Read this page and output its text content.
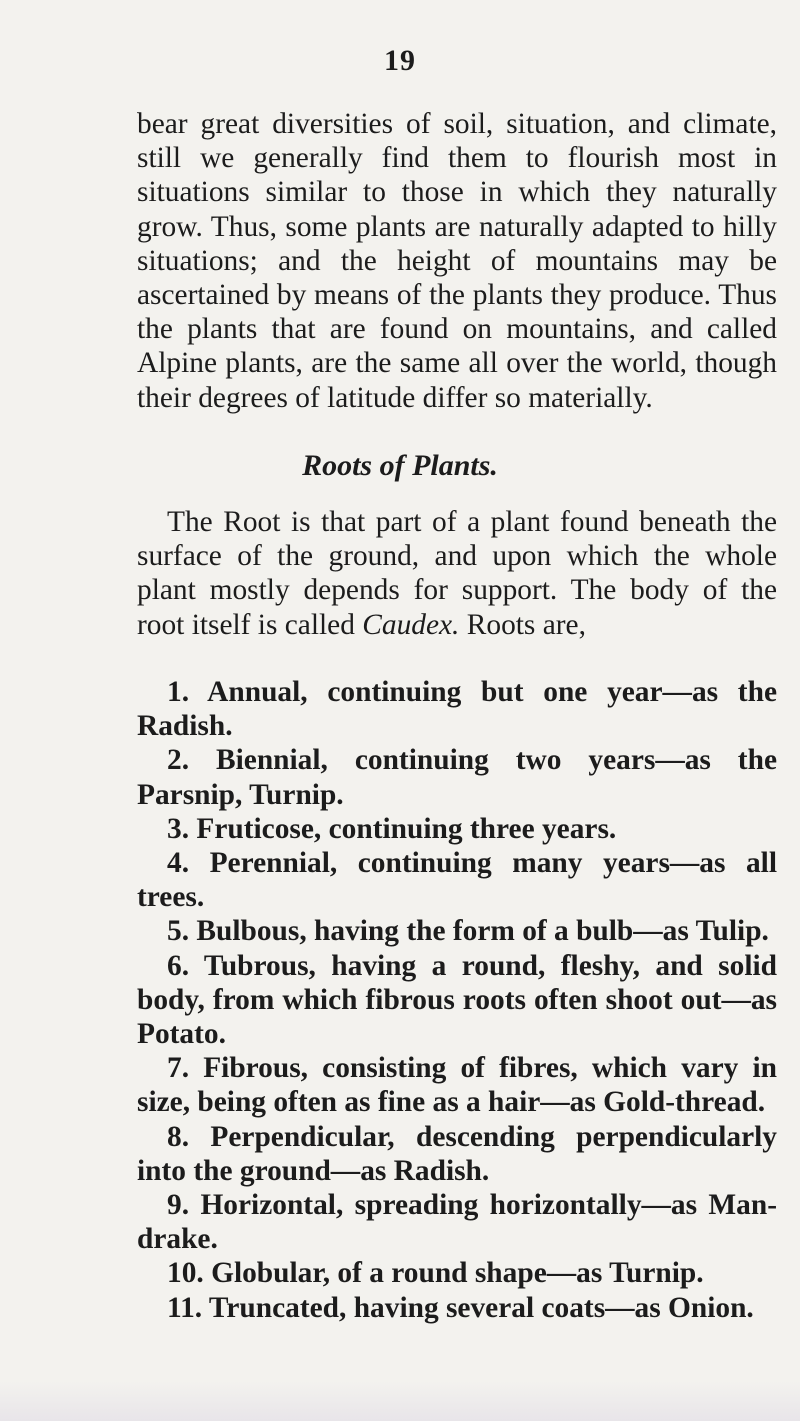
19

bear great diversities of soil, situation, and climate, still we generally find them to flourish most in situations similar to those in which they naturally grow. Thus, some plants are naturally adapted to hilly situations; and the height of mountains may be ascertained by means of the plants they produce. Thus the plants that are found on mountains, and called Alpine plants, are the same all over the world, though their degrees of latitude differ so materially.

Roots of Plants.

The Root is that part of a plant found beneath the surface of the ground, and upon which the whole plant mostly depends for support. The body of the root itself is called Caudex. Roots are,

1. Annual, continuing but one year—as the Radish.

2. Biennial, continuing two years—as the Parsnip, Turnip.

3. Fruticose, continuing three years.

4. Perennial, continuing many years—as all trees.

5. Bulbous, having the form of a bulb—as Tulip.

6. Tubrous, having a round, fleshy, and solid body, from which fibrous roots often shoot out—as Potato.

7. Fibrous, consisting of fibres, which vary in size, being often as fine as a hair—as Gold-thread.

8. Perpendicular, descending perpendicularly into the ground—as Radish.

9. Horizontal, spreading horizontally—as Man-drake.

10. Globular, of a round shape—as Turnip.

11. Truncated, having several coats—as Onion.
